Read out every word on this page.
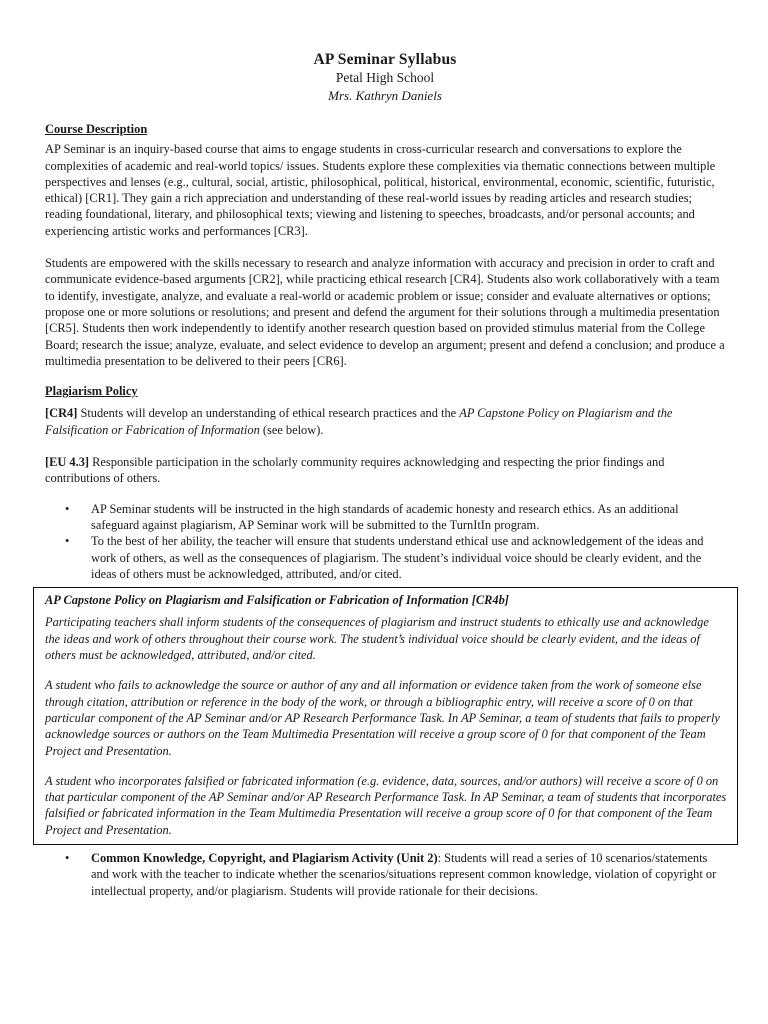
AP Seminar Syllabus
Petal High School
Mrs. Kathryn Daniels

Course Description

AP Seminar is an inquiry-based course that aims to engage students in cross-curricular research and conversations to explore the complexities of academic and real-world topics/ issues. Students explore these complexities via thematic connections between multiple perspectives and lenses (e.g., cultural, social, artistic, philosophical, political, historical, environmental, economic, scientific, futuristic, ethical) [CR1]. They gain a rich appreciation and understanding of these real-world issues by reading articles and research studies; reading foundational, literary, and philosophical texts; viewing and listening to speeches, broadcasts, and/or personal accounts; and experiencing artistic works and performances [CR3].

Students are empowered with the skills necessary to research and analyze information with accuracy and precision in order to craft and communicate evidence-based arguments [CR2], while practicing ethical research [CR4]. Students also work collaboratively with a team to identify, investigate, analyze, and evaluate a real-world or academic problem or issue; consider and evaluate alternatives or options; propose one or more solutions or resolutions; and present and defend the argument for their solutions through a multimedia presentation [CR5]. Students then work independently to identify another research question based on provided stimulus material from the College Board; research the issue; analyze, evaluate, and select evidence to develop an argument; present and defend a conclusion; and produce a multimedia presentation to be delivered to their peers [CR6].

Plagiarism Policy

[CR4] Students will develop an understanding of ethical research practices and the AP Capstone Policy on Plagiarism and the Falsification or Fabrication of Information (see below).

[EU 4.3] Responsible participation in the scholarly community requires acknowledging and respecting the prior findings and contributions of others.

• AP Seminar students will be instructed in the high standards of academic honesty and research ethics. As an additional safeguard against plagiarism, AP Seminar work will be submitted to the TurnItIn program.
• To the best of her ability, the teacher will ensure that students understand ethical use and acknowledgement of the ideas and work of others, as well as the consequences of plagiarism. The student’s individual voice should be clearly evident, and the ideas of others must be acknowledged, attributed, and/or cited.

AP Capstone Policy on Plagiarism and Falsification or Fabrication of Information [CR4b]

Participating teachers shall inform students of the consequences of plagiarism and instruct students to ethically use and acknowledge the ideas and work of others throughout their course work. The student’s individual voice should be clearly evident, and the ideas of others must be acknowledged, attributed, and/or cited.

A student who fails to acknowledge the source or author of any and all information or evidence taken from the work of someone else through citation, attribution or reference in the body of the work, or through a bibliographic entry, will receive a score of 0 on that particular component of the AP Seminar and/or AP Research Performance Task. In AP Seminar, a team of students that fails to properly acknowledge sources or authors on the Team Multimedia Presentation will receive a group score of 0 for that component of the Team Project and Presentation.

A student who incorporates falsified or fabricated information (e.g. evidence, data, sources, and/or authors) will receive a score of 0 on that particular component of the AP Seminar and/or AP Research Performance Task. In AP Seminar, a team of students that incorporates falsified or fabricated information in the Team Multimedia Presentation will receive a group score of 0 for that component of the Team Project and Presentation.

• Common Knowledge, Copyright, and Plagiarism Activity (Unit 2): Students will read a series of 10 scenarios/statements and work with the teacher to indicate whether the scenarios/situations represent common knowledge, violation of copyright or intellectual property, and/or plagiarism. Students will provide rationale for their decisions.
